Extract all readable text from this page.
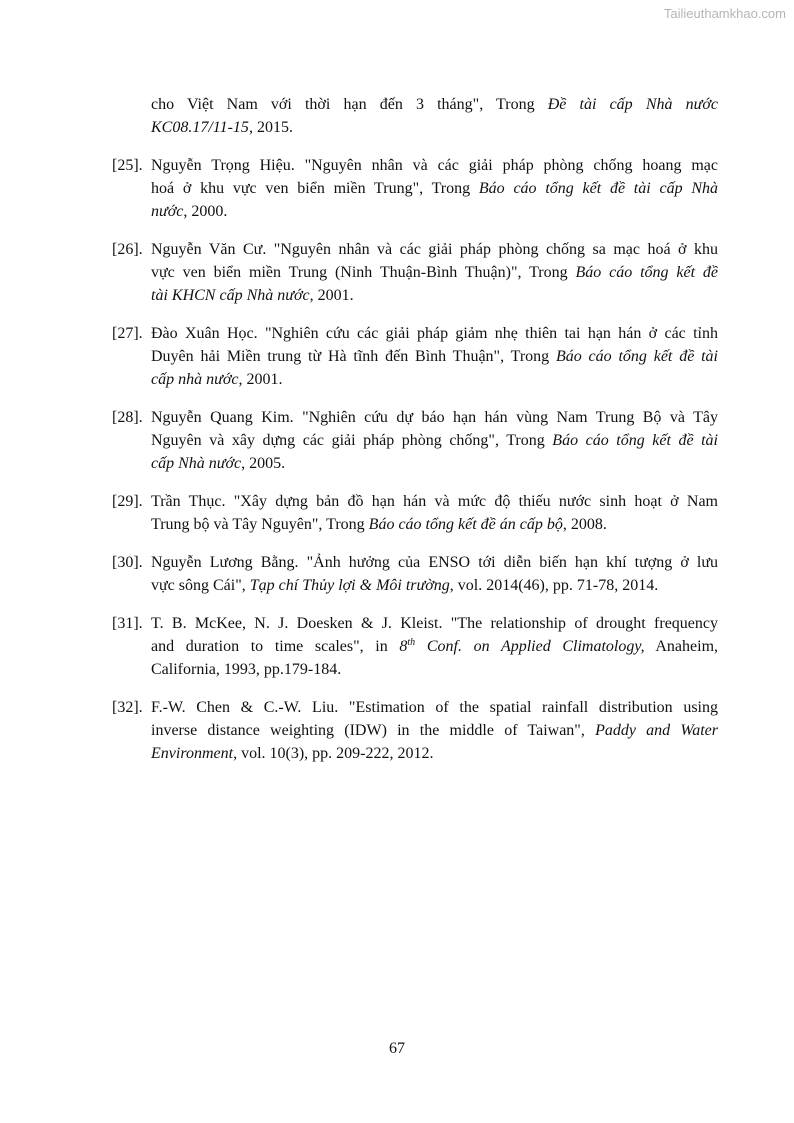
Tailieuthamkhao.com
cho Việt Nam với thời hạn đến 3 tháng", Trong Đề tài cấp Nhà nước
KC08.17/11-15, 2015.
[25]. Nguyễn Trọng Hiệu. "Nguyên nhân và các giải pháp phòng chống hoang mạc
hoá ở khu vực ven biển miền Trung", Trong Báo cáo tổng kết đề tài cấp Nhà
nước, 2000.
[26]. Nguyễn Văn Cư. "Nguyên nhân và các giải pháp phòng chống sa mạc hoá ở khu
vực ven biển miền Trung (Ninh Thuận-Bình Thuận)", Trong Báo cáo tổng kết đề
tài KHCN cấp Nhà nước, 2001.
[27]. Đào Xuân Học. "Nghiên cứu các giải pháp giảm nhẹ thiên tai hạn hán ở các tỉnh
Duyên hải Miền trung từ Hà tĩnh đến Bình Thuận", Trong Báo cáo tổng kết đề tài
cấp nhà nước, 2001.
[28]. Nguyễn Quang Kim. "Nghiên cứu dự báo hạn hán vùng Nam Trung Bộ và Tây
Nguyên và xây dựng các giải pháp phòng chống", Trong Báo cáo tổng kết đề tài
cấp Nhà nước, 2005.
[29]. Trần Thục. "Xây dựng bản đồ hạn hán và mức độ thiếu nước sinh hoạt ở Nam
Trung bộ và Tây Nguyên", Trong Báo cáo tổng kết đề án cấp bộ, 2008.
[30]. Nguyễn Lương Bằng. "Ảnh hưởng của ENSO tới diễn biến hạn khí tượng ở lưu
vực sông Cái", Tạp chí Thủy lợi & Môi trường, vol. 2014(46), pp. 71-78, 2014.
[31]. T. B. McKee, N. J. Doesken & J. Kleist. "The relationship of drought frequency
and duration to time scales", in 8th Conf. on Applied Climatology, Anaheim,
California, 1993, pp.179-184.
[32]. F.-W. Chen & C.-W. Liu. "Estimation of the spatial rainfall distribution using
inverse distance weighting (IDW) in the middle of Taiwan", Paddy and Water
Environment, vol. 10(3), pp. 209-222, 2012.
67
